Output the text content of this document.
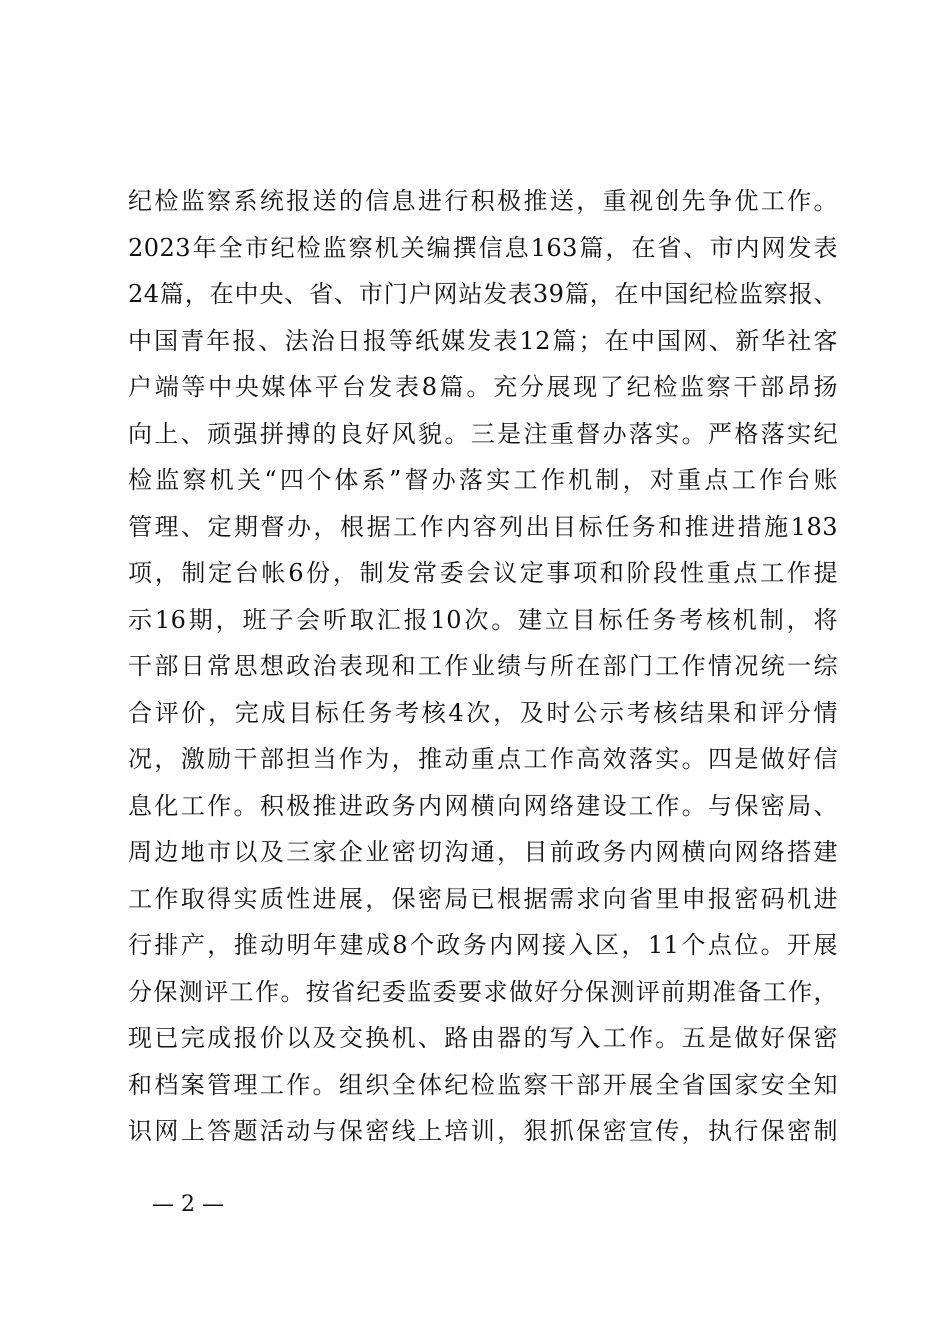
纪检监察系统报送的信息进行积极推送，重视创先争优工作。
2023年全市纪检监察机关编撰信息163篇，在省、市内网发表
24篇，在中央、省、市门户网站发表39篇，在中国纪检监察报、
中国青年报、法治日报等纸媒发表12篇；在中国网、新华社客
户端等中央媒体平台发表8篇。充分展现了纪检监察干部昂扬
向上、顽强拼搏的良好风貌。三是注重督办落实。严格落实纪
检监察机关“四个体系”督办落实工作机制，对重点工作台账
管理、定期督办，根据工作内容列出目标任务和推进措施183
项，制定台帐6份，制发常委会议定事项和阶段性重点工作提
示16期，班子会听取汇报10次。建立目标任务考核机制，将
干部日常思想政治表现和工作业绩与所在部门工作情况统一综
合评价，完成目标任务考核4次，及时公示考核结果和评分情
况，激励干部担当作为，推动重点工作高效落实。四是做好信
息化工作。积极推进政务内网横向网络建设工作。与保密局、
周边地市以及三家企业密切沟通，目前政务内网横向网络搭建
工作取得实质性进展，保密局已根据需求向省里申报密码机进
行排产，推动明年建成8个政务内网接入区，11个点位。开展
分保测评工作。按省纪委监委要求做好分保测评前期准备工作，
现已完成报价以及交换机、路由器的写入工作。五是做好保密
和档案管理工作。组织全体纪检监察干部开展全省国家安全知
识网上答题活动与保密线上培训，狠抓保密宣传，执行保密制
— 2 —
